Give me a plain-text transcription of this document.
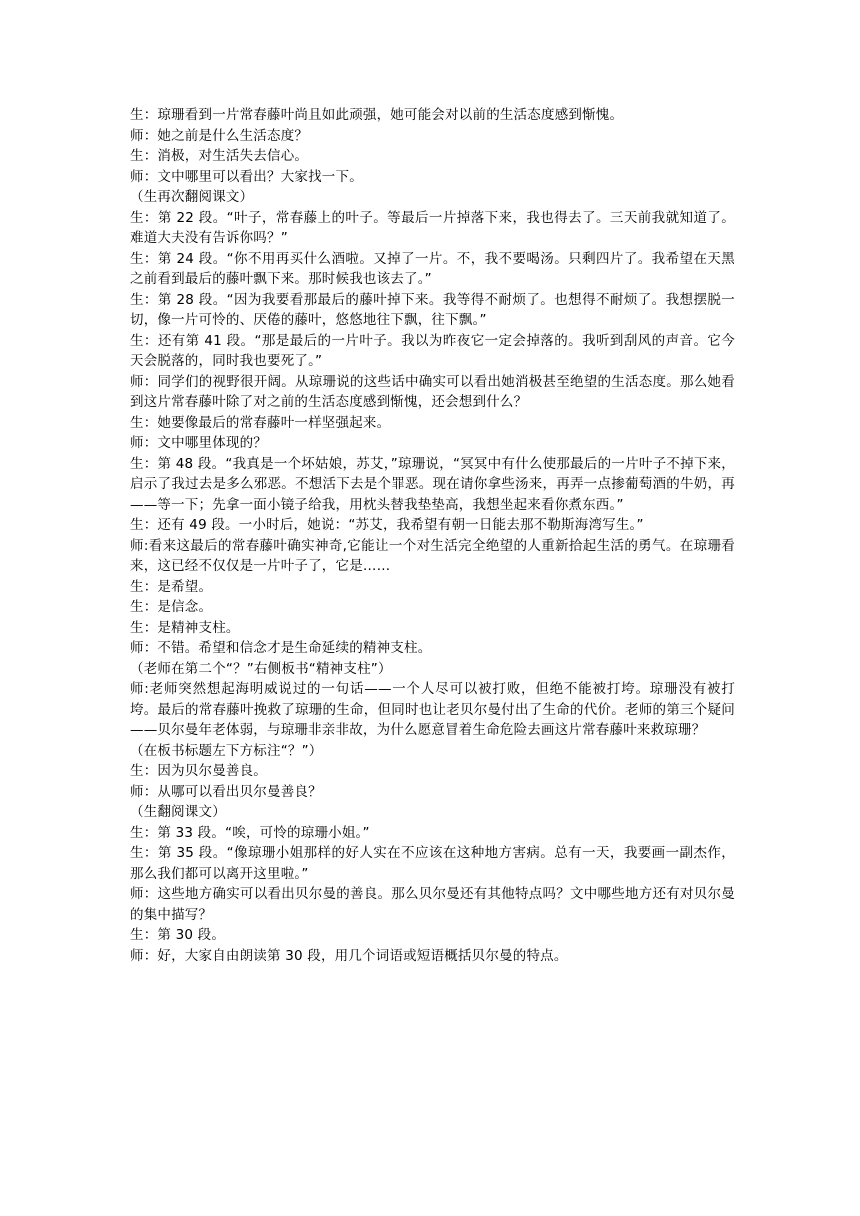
生：琼珊看到一片常春藤叶尚且如此顽强，她可能会对以前的生活态度感到惭愧。

师：她之前是什么生活态度？

生：消极，对生活失去信心。

师：文中哪里可以看出？大家找一下。

（生再次翻阅课文）

生：第 22 段。“叶子，常春藤上的叶子。等最后一片掉落下来，我也得去了。三天前我就知道了。难道大夫没有告诉你吗？”

生：第 24 段。“你不用再买什么酒啦。又掉了一片。不，我不要喝汤。只剩四片了。我希望在天黑之前看到最后的藤叶飘下来。那时候我也该去了。”

生：第 28 段。“因为我要看那最后的藤叶掉下来。我等得不耐烦了。也想得不耐烦了。我想摆脱一切，像一片可怜的、厌倦的藤叶，悠悠地往下飘，往下飘。”

生：还有第 41 段。“那是最后的一片叶子。我以为昨夜它一定会掉落的。我听到刮风的声音。它今天会脱落的，同时我也要死了。”

师：同学们的视野很开阔。从琼珊说的这些话中确实可以看出她消极甚至绝望的生活态度。那么她看到这片常春藤叶除了对之前的生活态度感到惭愧，还会想到什么？

生：她要像最后的常春藤叶一样坚强起来。

师：文中哪里体现的？

生：第 48 段。“我真是一个坏姑娘，苏艾，”琼珊说，“冥冥中有什么使那最后的一片叶子不掉下来，启示了我过去是多么邪恶。不想活下去是个罪恶。现在请你拿些汤来，再弄一点掺葡萄酒的牛奶，再——等一下；先拿一面小镜子给我，用枕头替我垫垫高，我想坐起来看你煮东西。”

生：还有 49 段。一小时后，她说：“苏艾，我希望有朝一日能去那不勒斯海湾写生。”

师:看来这最后的常春藤叶确实神奇,它能让一个对生活完全绝望的人重新拾起生活的勇气。在琼珊看来，这已经不仅仅是一片叶子了，它是……

生：是希望。

生：是信念。

生：是精神支柱。

师：不错。希望和信念才是生命延续的精神支柱。

（老师在第二个“？”右侧板书“精神支柱”）

师:老师突然想起海明威说过的一句话——一个人尽可以被打败，但绝不能被打垮。琼珊没有被打垮。最后的常春藤叶挽救了琼珊的生命，但同时也让老贝尔曼付出了生命的代价。老师的第三个疑问——贝尔曼年老体弱，与琼珊非亲非故，为什么愿意冒着生命危险去画这片常春藤叶来救琼珊？

（在板书标题左下方标注“？”）

生：因为贝尔曼善良。

师：从哪可以看出贝尔曼善良？

（生翻阅课文）

生：第 33 段。“唉，可怜的琼珊小姐。”

生：第 35 段。“像琼珊小姐那样的好人实在不应该在这种地方害病。总有一天，我要画一副杰作，那么我们都可以离开这里啦。”

师：这些地方确实可以看出贝尔曼的善良。那么贝尔曼还有其他特点吗？文中哪些地方还有对贝尔曼的集中描写？

生：第 30 段。

师：好，大家自由朗读第 30 段，用几个词语或短语概括贝尔曼的特点。
